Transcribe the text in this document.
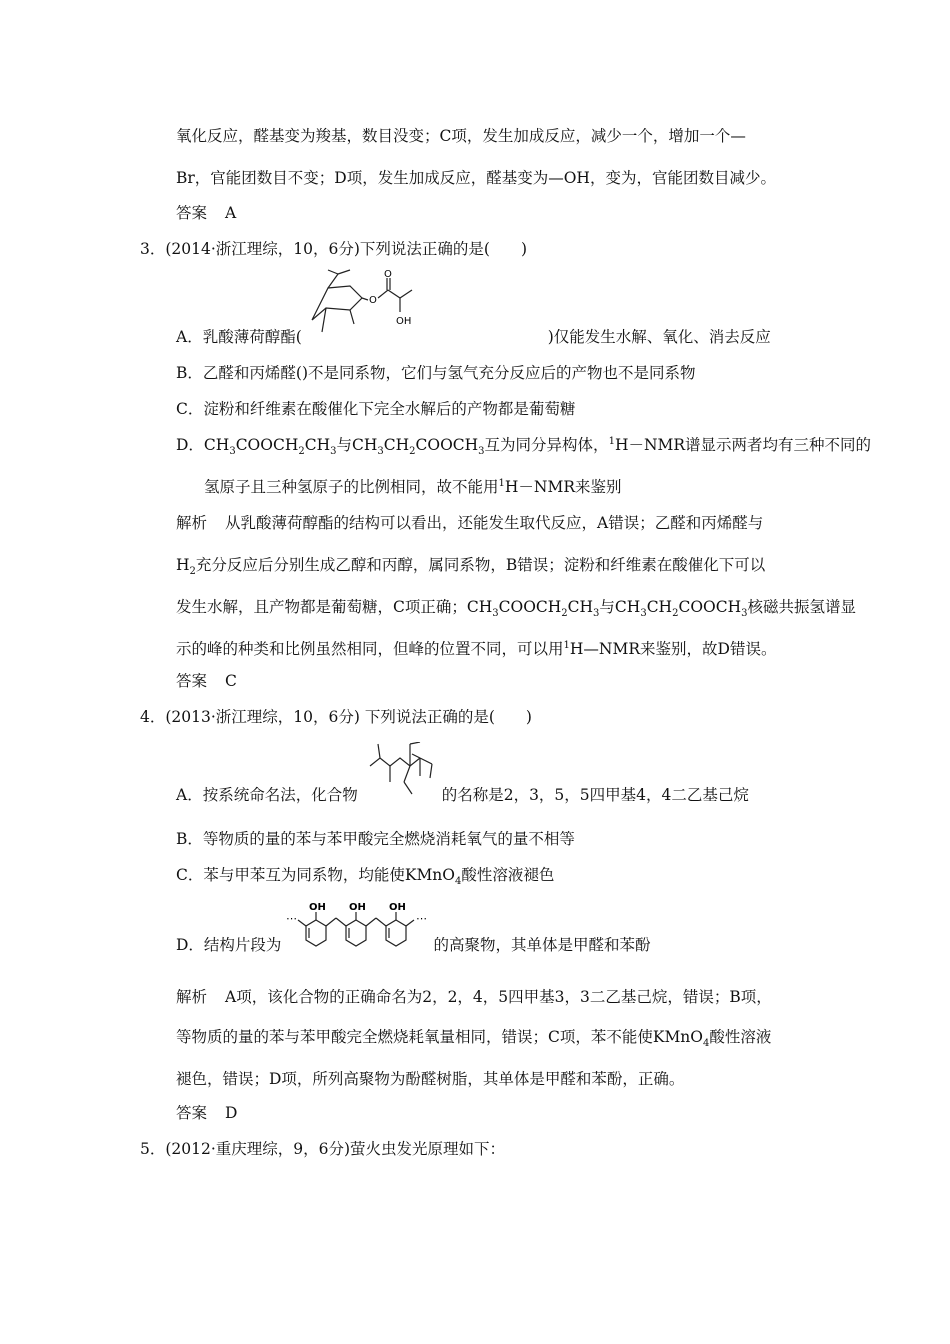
氧化反应，醛基变为羧基，数目没变；C项，发生加成反应，减少一个，增加一个—
Br，官能团数目不变；D项，发生加成反应，醛基变为—OH，变为，官能团数目减少。
答案 A
3．(2014·浙江理综，10，6分)下列说法正确的是(　　)
O
O
OH
A．乳酸薄荷醇酯(	)仅能发生水解、氧化、消去反应
B．乙醛和丙烯醛()不是同系物，它们与氢气充分反应后的产物也不是同系物
C．淀粉和纤维素在酸催化下完全水解后的产物都是葡萄糖
D．$CH_3COOCH_2CH_3$与$CH_3CH_2COOCH_3$互为同分异构体，$^1$H－NMR谱显示两者均有三种不同的
氢原子且三种氢原子的比例相同，故不能用$^1$H－NMR来鉴别
解析 从乳酸薄荷醇酯的结构可以看出，还能发生取代反应，A错误；乙醛和丙烯醛与
$H_2$充分反应后分别生成乙醇和丙醇，属同系物，B错误；淀粉和纤维素在酸催化下可以
发生水解，且产物都是葡萄糖，C项正确；$CH_3COOCH_2CH_3$与$CH_3CH_2COOCH_3$核磁共振氢谱显
示的峰的种类和比例虽然相同，但峰的位置不同，可以用$^1$H—NMR来鉴别，故D错误。
答案 C
4．(2013·浙江理综，10，6分) 下列说法正确的是(　　)
A．按系统命名法，化合物	的名称是2，3，5，5四甲基4，4二乙基己烷
B．等物质的量的苯与苯甲酸完全燃烧消耗氧气的量不相等
C．苯与甲苯互为同系物，均能使KMnO$_4$酸性溶液褪色
⋯	⋯
OH OH OH
D．结构片段为	的高聚物，其单体是甲醛和苯酚
解析 A项，该化合物的正确命名为2，2，4，5四甲基3，3二乙基己烷，错误；B项，
等物质的量的苯与苯甲酸完全燃烧耗氧量相同，错误；C项，苯不能使KMnO$_4$酸性溶液
褪色，错误；D项，所列高聚物为酚醛树脂，其单体是甲醛和苯酚，正确。
答案 D
5．(2012·重庆理综，9，6分)萤火虫发光原理如下：
